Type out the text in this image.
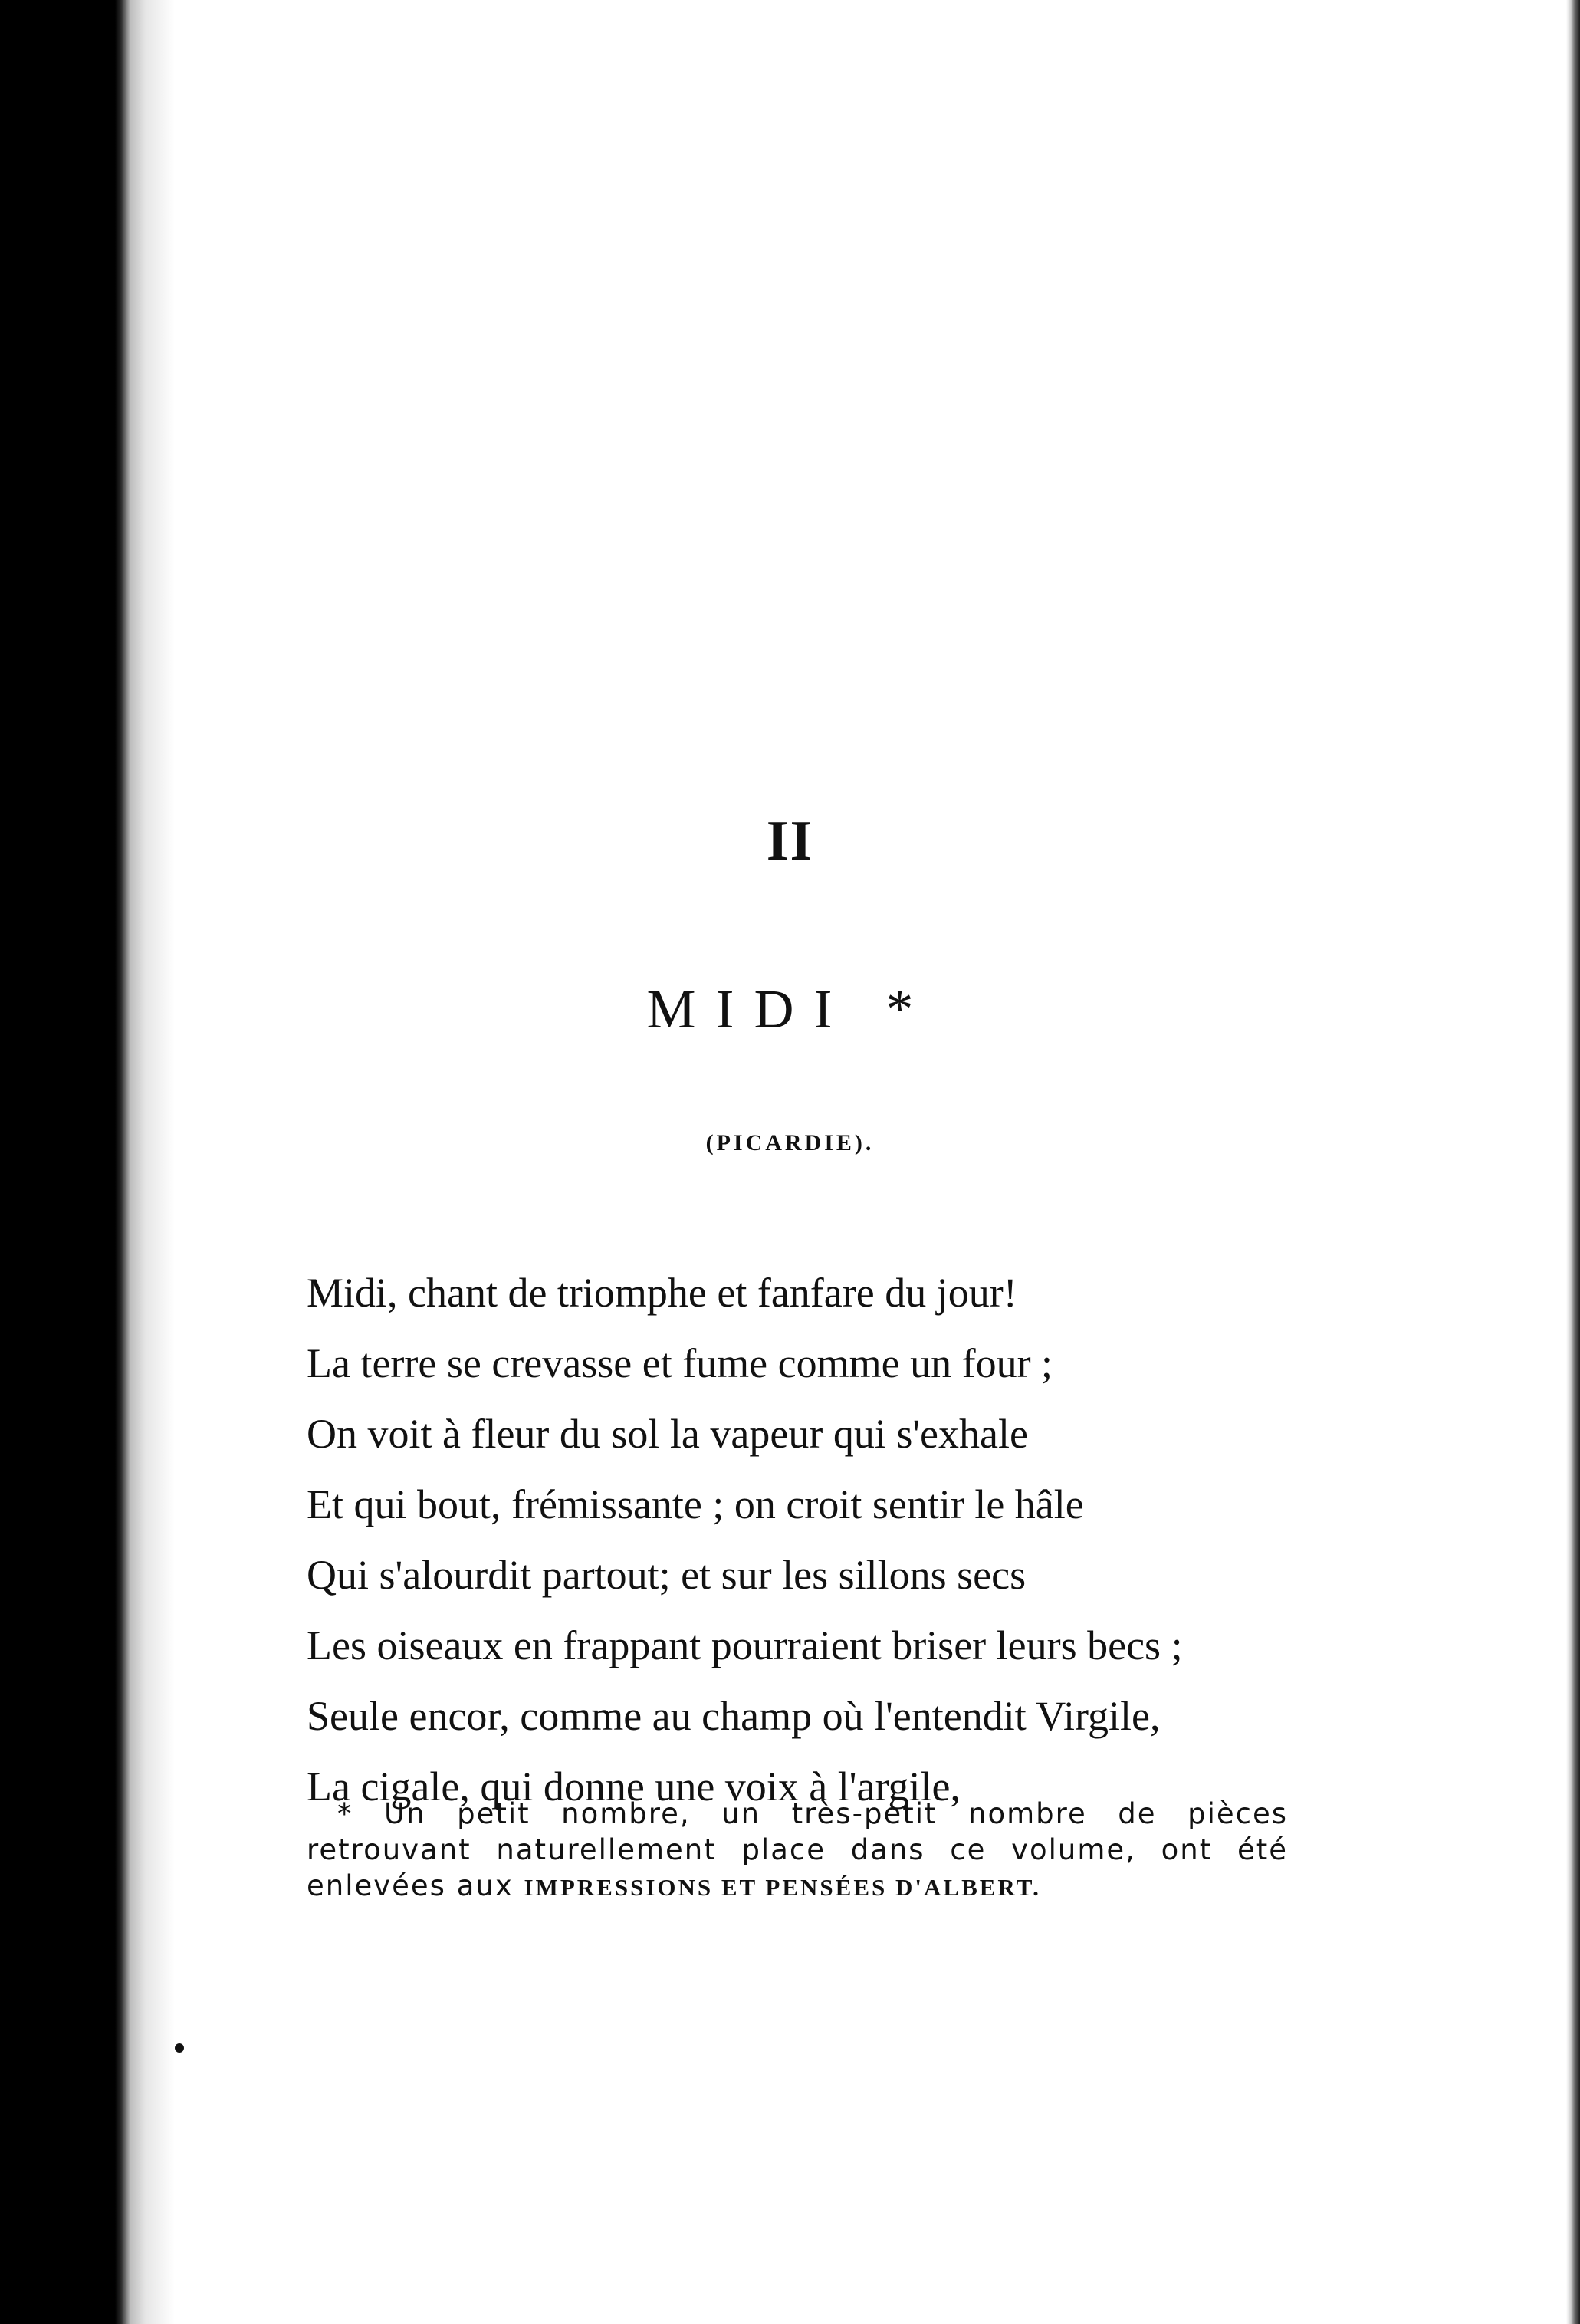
II
MIDI *
(PICARDIE).
Midi, chant de triomphe et fanfare du jour!
La terre se crevasse et fume comme un four ;
On voit à fleur du sol la vapeur qui s'exhale
Et qui bout, frémissante ; on croit sentir le hâle
Qui s'alourdit partout; et sur les sillons secs
Les oiseaux en frappant pourraient briser leurs becs ;
Seule encor, comme au champ où l'entendit Virgile,
La cigale, qui donne une voix à l'argile,
* Un petit nombre, un très-petit nombre de pièces retrouvant naturellement place dans ce volume, ont été enlevées aux IMPRESSIONS ET PENSÉES D'ALBERT.
